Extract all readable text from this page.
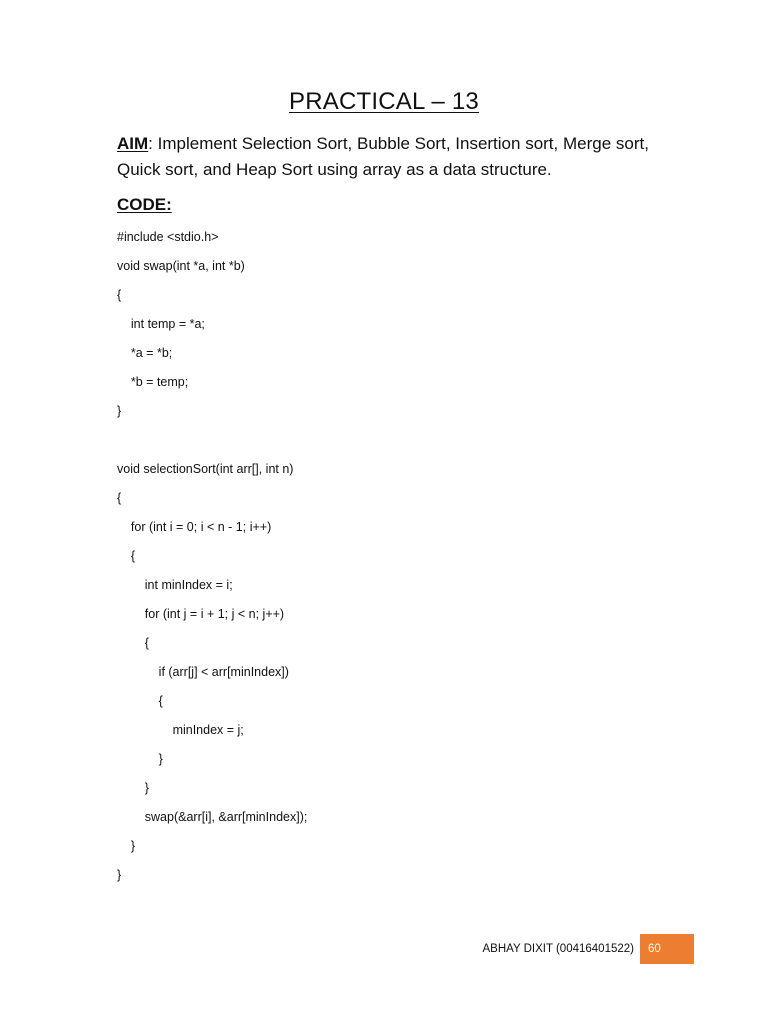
PRACTICAL – 13
AIM: Implement Selection Sort, Bubble Sort, Insertion sort, Merge sort, Quick sort, and Heap Sort using array as a data structure.
CODE:
#include <stdio.h>
void swap(int *a, int *b)
{
int temp = *a;
*a = *b;
*b = temp;
}
void selectionSort(int arr[], int n)
{
for (int i = 0; i < n - 1; i++)
{
int minIndex = i;
for (int j = i + 1; j < n; j++)
{
if (arr[j] < arr[minIndex])
{
minIndex = j;
}
}
swap(&arr[i], &arr[minIndex]);
}
}
ABHAY DIXIT (00416401522)	60
